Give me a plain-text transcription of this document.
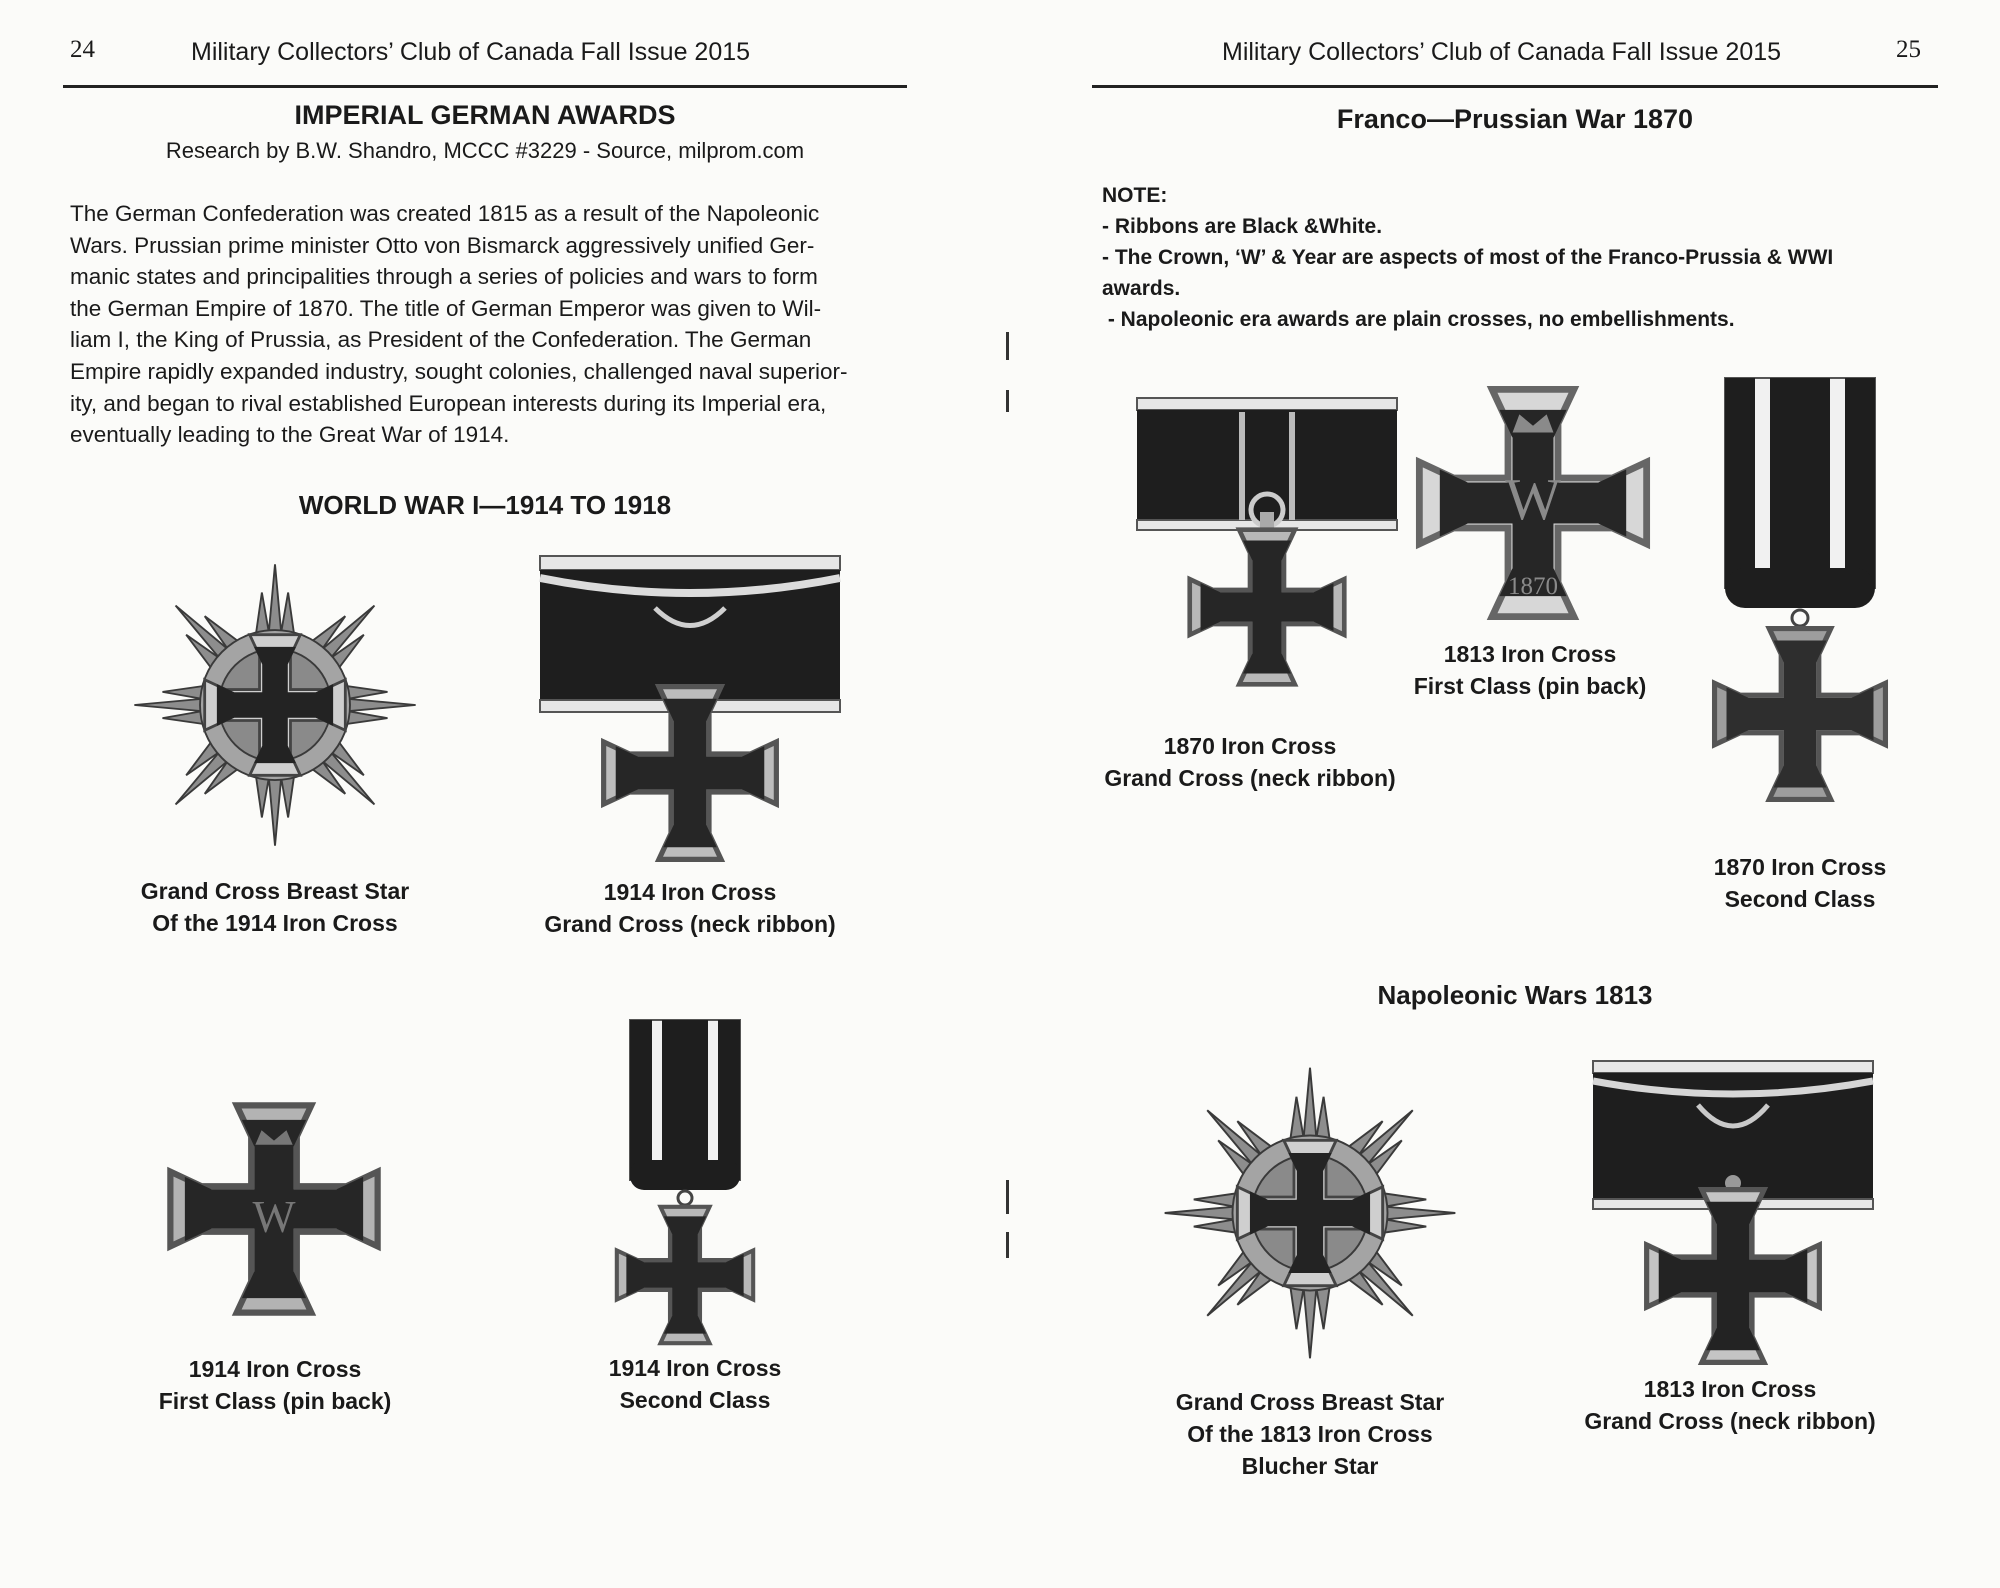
24	Military Collectors’ Club of Canada Fall Issue 2015
IMPERIAL GERMAN AWARDS
Research by B.W. Shandro, MCCC #3229 - Source, milprom.com
The German Confederation was created 1815 as a result of the Napoleonic
Wars. Prussian prime minister Otto von Bismarck aggressively unified Ger-
manic states and principalities through a series of policies and wars to form
the German Empire of 1870. The title of German Emperor was given to Wil-
liam I, the King of Prussia, as President of the Confederation. The German
Empire rapidly expanded industry, sought colonies, challenged naval superior-
ity, and began to rival established European interests during its Imperial era,
eventually leading to the Great War of 1914.
WORLD WAR I—1914 TO 1918
Grand Cross Breast Star
Of the 1914 Iron Cross
1914 Iron Cross
Grand Cross (neck ribbon)
W
1914 Iron Cross
First Class (pin back)
1914 Iron Cross
Second Class
Military Collectors’ Club of Canada Fall Issue 2015	25
Franco—Prussian War 1870
NOTE:
- Ribbons are Black &White.
- The Crown, ‘W’ & Year are aspects of most of the Franco-Prussia & WWI
awards.
- Napoleonic era awards are plain crosses, no embellishments.
1870 Iron Cross
Grand Cross (neck ribbon)
W
1870
1813 Iron Cross
First Class (pin back)
1870 Iron Cross
Second Class
Napoleonic Wars 1813
Grand Cross Breast Star
Of the 1813 Iron Cross
Blucher Star
1813 Iron Cross
Grand Cross (neck ribbon)
